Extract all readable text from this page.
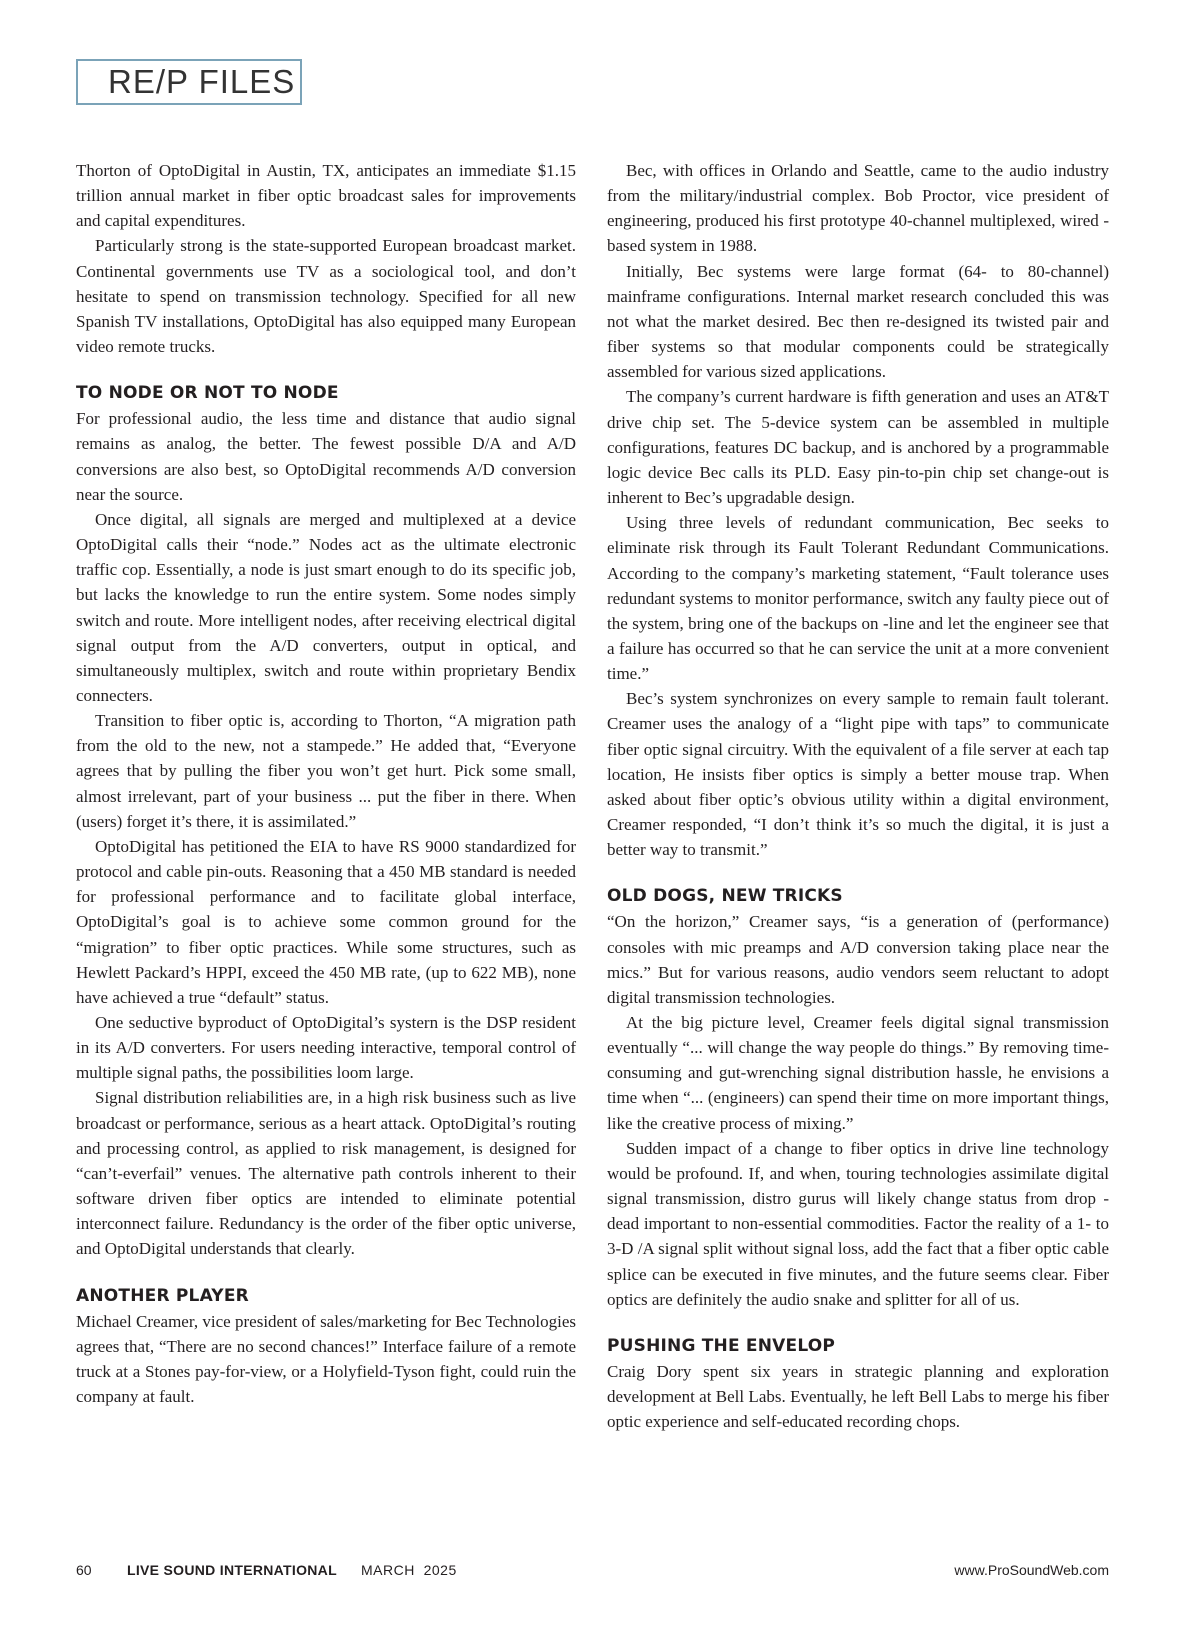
RE/P FILES

Thorton of OptoDigital in Austin, TX, anticipates an immediate $1.15 trillion annual market in fiber optic broadcast sales for improvements and capital expenditures.

Particularly strong is the state-supported European broadcast market. Continental governments use TV as a sociological tool, and don’t hesitate to spend on transmission technology. Specified for all new Spanish TV installations, OptoDigital has also equipped many European video remote trucks.

TO NODE OR NOT TO NODE

For professional audio, the less time and distance that audio signal remains as analog, the better. The fewest possible D/A and A/D conversions are also best, so OptoDigital recommends A/D conversion near the source.

Once digital, all signals are merged and multiplexed at a device OptoDigital calls their “node.” Nodes act as the ultimate electronic traffic cop. Essentially, a node is just smart enough to do its specific job, but lacks the knowledge to run the entire system. Some nodes simply switch and route. More intelligent nodes, after receiving electrical digital signal output from the A/D converters, output in optical, and simultaneously multiplex, switch and route within proprietary Bendix connecters.

Transition to fiber optic is, according to Thorton, “A migration path from the old to the new, not a stampede.” He added that, “Everyone agrees that by pulling the fiber you won’t get hurt. Pick some small, almost irrelevant, part of your business ... put the fiber in there. When (users) forget it’s there, it is assimilated.”

OptoDigital has petitioned the EIA to have RS 9000 standardized for protocol and cable pin-outs. Reasoning that a 450 MB standard is needed for professional performance and to facilitate global interface, OptoDigital’s goal is to achieve some common ground for the “migration” to fiber optic practices. While some structures, such as Hewlett Packard’s HPPI, exceed the 450 MB rate, (up to 622 MB), none have achieved a true “default” status.

One seductive byproduct of OptoDigital’s systern is the DSP resident in its A/D converters. For users needing interactive, temporal control of multiple signal paths, the possibilities loom large.

Signal distribution reliabilities are, in a high risk business such as live broadcast or performance, serious as a heart attack. OptoDigital’s routing and processing control, as applied to risk management, is designed for “can’t-everfail” venues. The alternative path controls inherent to their software driven fiber optics are intended to eliminate potential interconnect failure. Redundancy is the order of the fiber optic universe, and OptoDigital understands that clearly.

ANOTHER PLAYER

Michael Creamer, vice president of sales/marketing for Bec Technologies agrees that, “There are no second chances!” Interface failure of a remote truck at a Stones pay-for-view, or a Holyfield-Tyson fight, could ruin the company at fault.

Bec, with offices in Orlando and Seattle, came to the audio industry from the military/industrial complex. Bob Proctor, vice president of engineering, produced his first prototype 40-channel multiplexed, wired -based system in 1988.

Initially, Bec systems were large format (64- to 80-channel) mainframe configurations. Internal market research concluded this was not what the market desired. Bec then re-designed its twisted pair and fiber systems so that modular components could be strategically assembled for various sized applications.

The company’s current hardware is fifth generation and uses an AT&T drive chip set. The 5-device system can be assembled in multiple configurations, features DC backup, and is anchored by a programmable logic device Bec calls its PLD. Easy pin-to-pin chip set change-out is inherent to Bec’s upgradable design.

Using three levels of redundant communication, Bec seeks to eliminate risk through its Fault Tolerant Redundant Communications. According to the company’s marketing statement, “Fault tolerance uses redundant systems to monitor performance, switch any faulty piece out of the system, bring one of the backups on -line and let the engineer see that a failure has occurred so that he can service the unit at a more convenient time.”

Bec’s system synchronizes on every sample to remain fault tolerant. Creamer uses the analogy of a “light pipe with taps” to communicate fiber optic signal circuitry. With the equivalent of a file server at each tap location, He insists fiber optics is simply a better mouse trap. When asked about fiber optic’s obvious utility within a digital environment, Creamer responded, “I don’t think it’s so much the digital, it is just a better way to transmit.”

OLD DOGS, NEW TRICKS

“On the horizon,” Creamer says, “is a generation of (performance) consoles with mic preamps and A/D conversion taking place near the mics.” But for various reasons, audio vendors seem reluctant to adopt digital transmission technologies.

At the big picture level, Creamer feels digital signal transmission eventually “... will change the way people do things.” By removing time-consuming and gut-wrenching signal distribution hassle, he envisions a time when “... (engineers) can spend their time on more important things, like the creative process of mixing.”

Sudden impact of a change to fiber optics in drive line technology would be profound. If, and when, touring technologies assimilate digital signal transmission, distro gurus will likely change status from drop -dead important to non-essential commodities. Factor the reality of a 1- to 3-D /A signal split without signal loss, add the fact that a fiber optic cable splice can be executed in five minutes, and the future seems clear. Fiber optics are definitely the audio snake and splitter for all of us.

PUSHING THE ENVELOP

Craig Dory spent six years in strategic planning and exploration development at Bell Labs. Eventually, he left Bell Labs to merge his fiber optic experience and self-educated recording chops.

60	LIVE SOUND INTERNATIONAL MARCH  2025	www.ProSoundWeb.com
